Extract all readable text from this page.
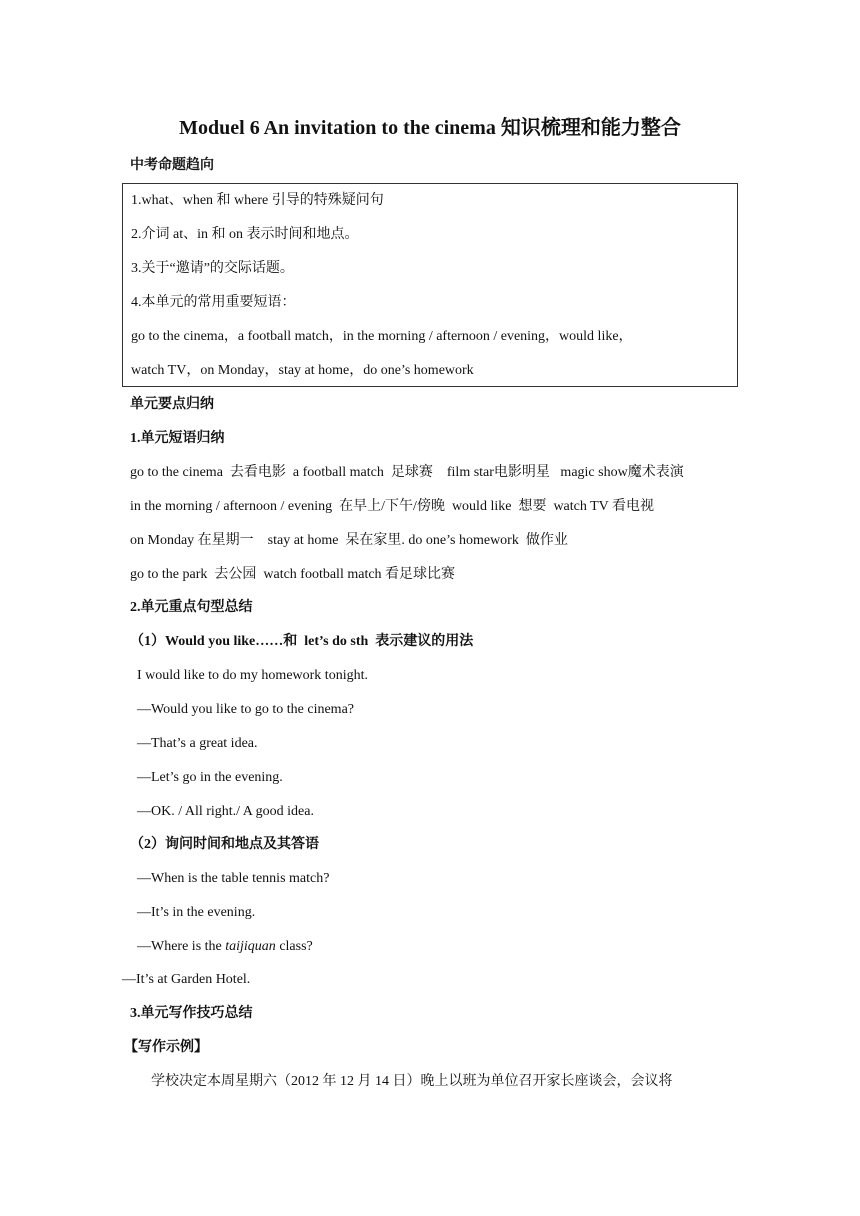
Moduel 6 An invitation to the cinema 知识梳理和能力整合
中考命题趋向
1.what、when 和 where 引导的特殊疑问句
2.介词 at、in 和 on 表示时间和地点。
3.关于“邀请”的交际话题。
4.本单元的常用重要短语：
go to the cinema，a football match，in the morning / afternoon / evening，would like，
watch TV，on Monday，stay at home，do one’s homework
单元要点归纳
1.单元短语归纳
go to the cinema  去看电影  a football match  足球赛    film star电影明星   magic show魔术表演
in the morning / afternoon / evening  在早上/下午/傍晚  would like  想要  watch TV 看电视
on Monday 在星期一    stay at home  呆在家里. do one’s homework  做作业
go to the park  去公园  watch football match 看足球比赛
2.单元重点句型总结
（1）Would you like……和  let’s do sth  表示建议的用法
I would like to do my homework tonight.
—Would you like to go to the cinema?
—That’s a great idea.
—Let’s go in the evening.
—OK. / All right./ A good idea.
（2）询问时间和地点及其答语
—When is the table tennis match?
—It’s in the evening.
—Where is the taijiquan class?
—It’s at Garden Hotel.
3.单元写作技巧总结
【写作示例】
学校决定本周星期六（2012 年 12 月 14 日）晚上以班为单位召开家长座谈会，会议将
